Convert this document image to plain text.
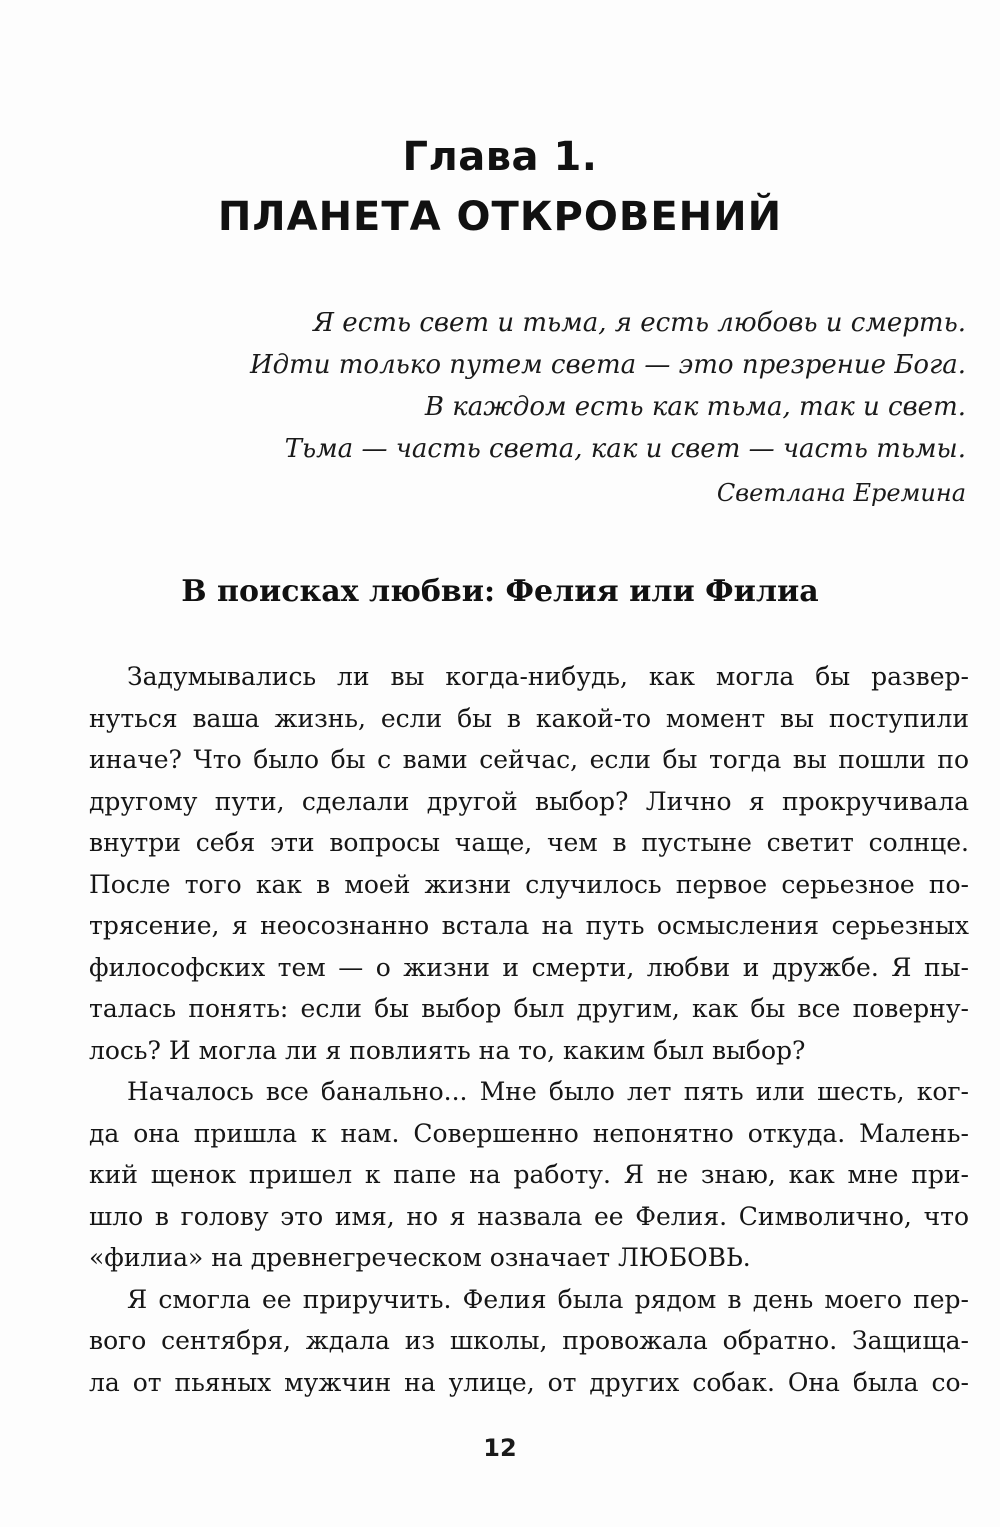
Глава 1.
ПЛАНЕТА ОТКРОВЕНИЙ
Я есть свет и тьма, я есть любовь и смерть.
Идти только путем света — это презрение Бога.
В каждом есть как тьма, так и свет.
Тьма — часть света, как и свет — часть тьмы.
Светлана Еремина
В поисках любви: Фелия или Филиа

Задумывались ли вы когда-нибудь, как могла бы развер-
нуться ваша жизнь, если бы в какой-то момент вы поступили
иначе? Что было бы с вами сейчас, если бы тогда вы пошли по
другому пути, сделали другой выбор? Лично я прокручивала
внутри себя эти вопросы чаще, чем в пустыне светит солнце.
После того как в моей жизни случилось первое серьезное по-
трясение, я неосознанно встала на путь осмысления серьезных
философских тем — о жизни и смерти, любви и дружбе. Я пы-
талась понять: если бы выбор был другим, как бы все поверну-
лось? И могла ли я повлиять на то, каким был выбор?

Началось все банально... Мне было лет пять или шесть, ког-
да она пришла к нам. Совершенно непонятно откуда. Малень-
кий щенок пришел к папе на работу. Я не знаю, как мне при-
шло в голову это имя, но я назвала ее Фелия. Символично, что
«филиа» на древнегреческом означает ЛЮБОВЬ.

Я смогла ее приручить. Фелия была рядом в день моего пер-
вого сентября, ждала из школы, провожала обратно. Защища-
ла от пьяных мужчин на улице, от других собак. Она была со-

12
